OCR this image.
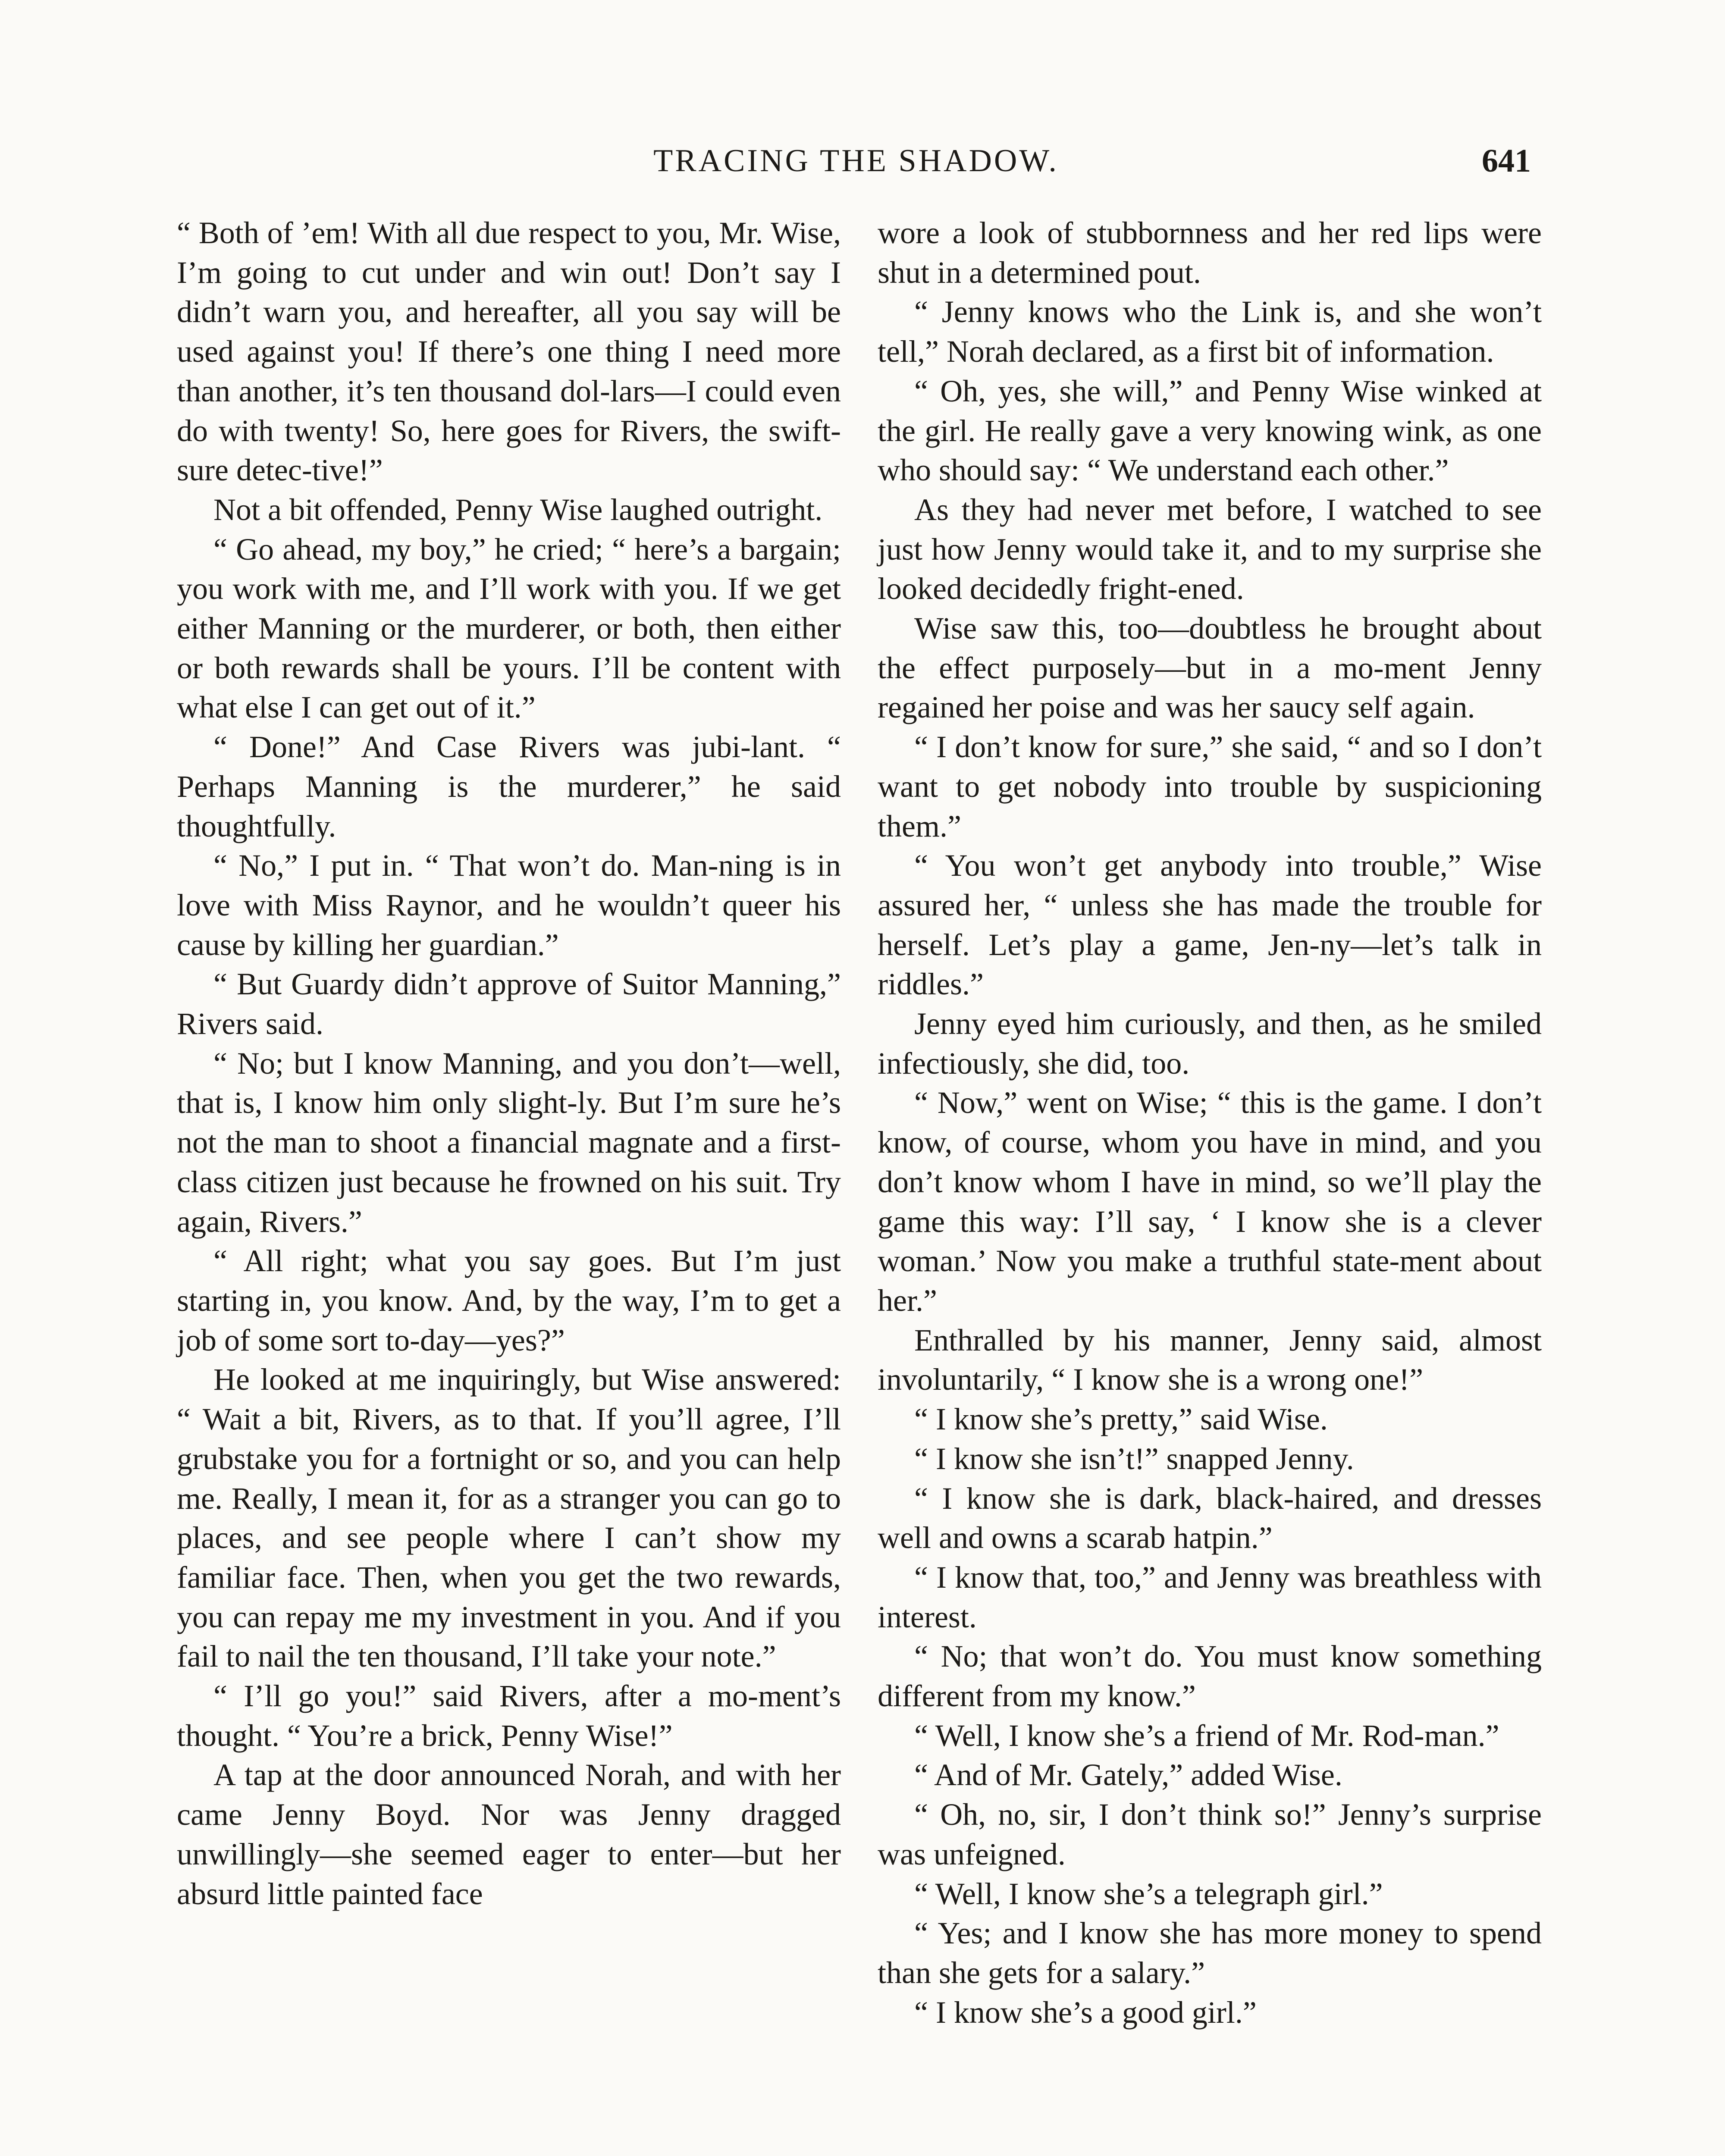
TRACING THE SHADOW.	641

“ Both of ’em! With all due respect to you, Mr. Wise, I’m going to cut under and win out! Don’t say I didn’t warn you, and hereafter, all you say will be used against you! If there’s one thing I need more than another, it’s ten thousand dol-lars—I could even do with twenty! So, here goes for Rivers, the swift-sure detec-tive!”

Not a bit offended, Penny Wise laughed outright.

“ Go ahead, my boy,” he cried; “ here’s a bargain; you work with me, and I’ll work with you. If we get either Manning or the murderer, or both, then either or both rewards shall be yours. I’ll be content with what else I can get out of it.”

“ Done!” And Case Rivers was jubi-lant. “ Perhaps Manning is the murderer,” he said thoughtfully.

“ No,” I put in. “ That won’t do. Man-ning is in love with Miss Raynor, and he wouldn’t queer his cause by killing her guardian.”

“ But Guardy didn’t approve of Suitor Manning,” Rivers said.

“ No; but I know Manning, and you don’t—well, that is, I know him only slight-ly. But I’m sure he’s not the man to shoot a financial magnate and a first-class citizen just because he frowned on his suit. Try again, Rivers.”

“ All right; what you say goes. But I’m just starting in, you know. And, by the way, I’m to get a job of some sort to-day—yes?”

He looked at me inquiringly, but Wise answered: “ Wait a bit, Rivers, as to that. If you’ll agree, I’ll grubstake you for a fortnight or so, and you can help me. Really, I mean it, for as a stranger you can go to places, and see people where I can’t show my familiar face. Then, when you get the two rewards, you can repay me my investment in you. And if you fail to nail the ten thousand, I’ll take your note.”

“ I’ll go you!” said Rivers, after a mo-ment’s thought. “ You’re a brick, Penny Wise!”

A tap at the door announced Norah, and with her came Jenny Boyd. Nor was Jenny dragged unwillingly—she seemed eager to enter—but her absurd little painted face

wore a look of stubbornness and her red lips were shut in a determined pout.

“ Jenny knows who the Link is, and she won’t tell,” Norah declared, as a first bit of information.

“ Oh, yes, she will,” and Penny Wise winked at the girl. He really gave a very knowing wink, as one who should say: “ We understand each other.”

As they had never met before, I watched to see just how Jenny would take it, and to my surprise she looked decidedly fright-ened.

Wise saw this, too—doubtless he brought about the effect purposely—but in a mo-ment Jenny regained her poise and was her saucy self again.

“ I don’t know for sure,” she said, “ and so I don’t want to get nobody into trouble by suspicioning them.”

“ You won’t get anybody into trouble,” Wise assured her, “ unless she has made the trouble for herself. Let’s play a game, Jen-ny—let’s talk in riddles.”

Jenny eyed him curiously, and then, as he smiled infectiously, she did, too.

“ Now,” went on Wise; “ this is the game. I don’t know, of course, whom you have in mind, and you don’t know whom I have in mind, so we’ll play the game this way: I’ll say, ‘ I know she is a clever woman.’ Now you make a truthful state-ment about her.”

Enthralled by his manner, Jenny said, almost involuntarily, “ I know she is a wrong one!”

“ I know she’s pretty,” said Wise.

“ I know she isn’t!” snapped Jenny.

“ I know she is dark, black-haired, and dresses well and owns a scarab hatpin.”

“ I know that, too,” and Jenny was breathless with interest.

“ No; that won’t do. You must know something different from my know.”

“ Well, I know she’s a friend of Mr. Rod-man.”

“ And of Mr. Gately,” added Wise.

“ Oh, no, sir, I don’t think so!” Jenny’s surprise was unfeigned.

“ Well, I know she’s a telegraph girl.”

“ Yes; and I know she has more money to spend than she gets for a salary.”

“ I know she’s a good girl.”
